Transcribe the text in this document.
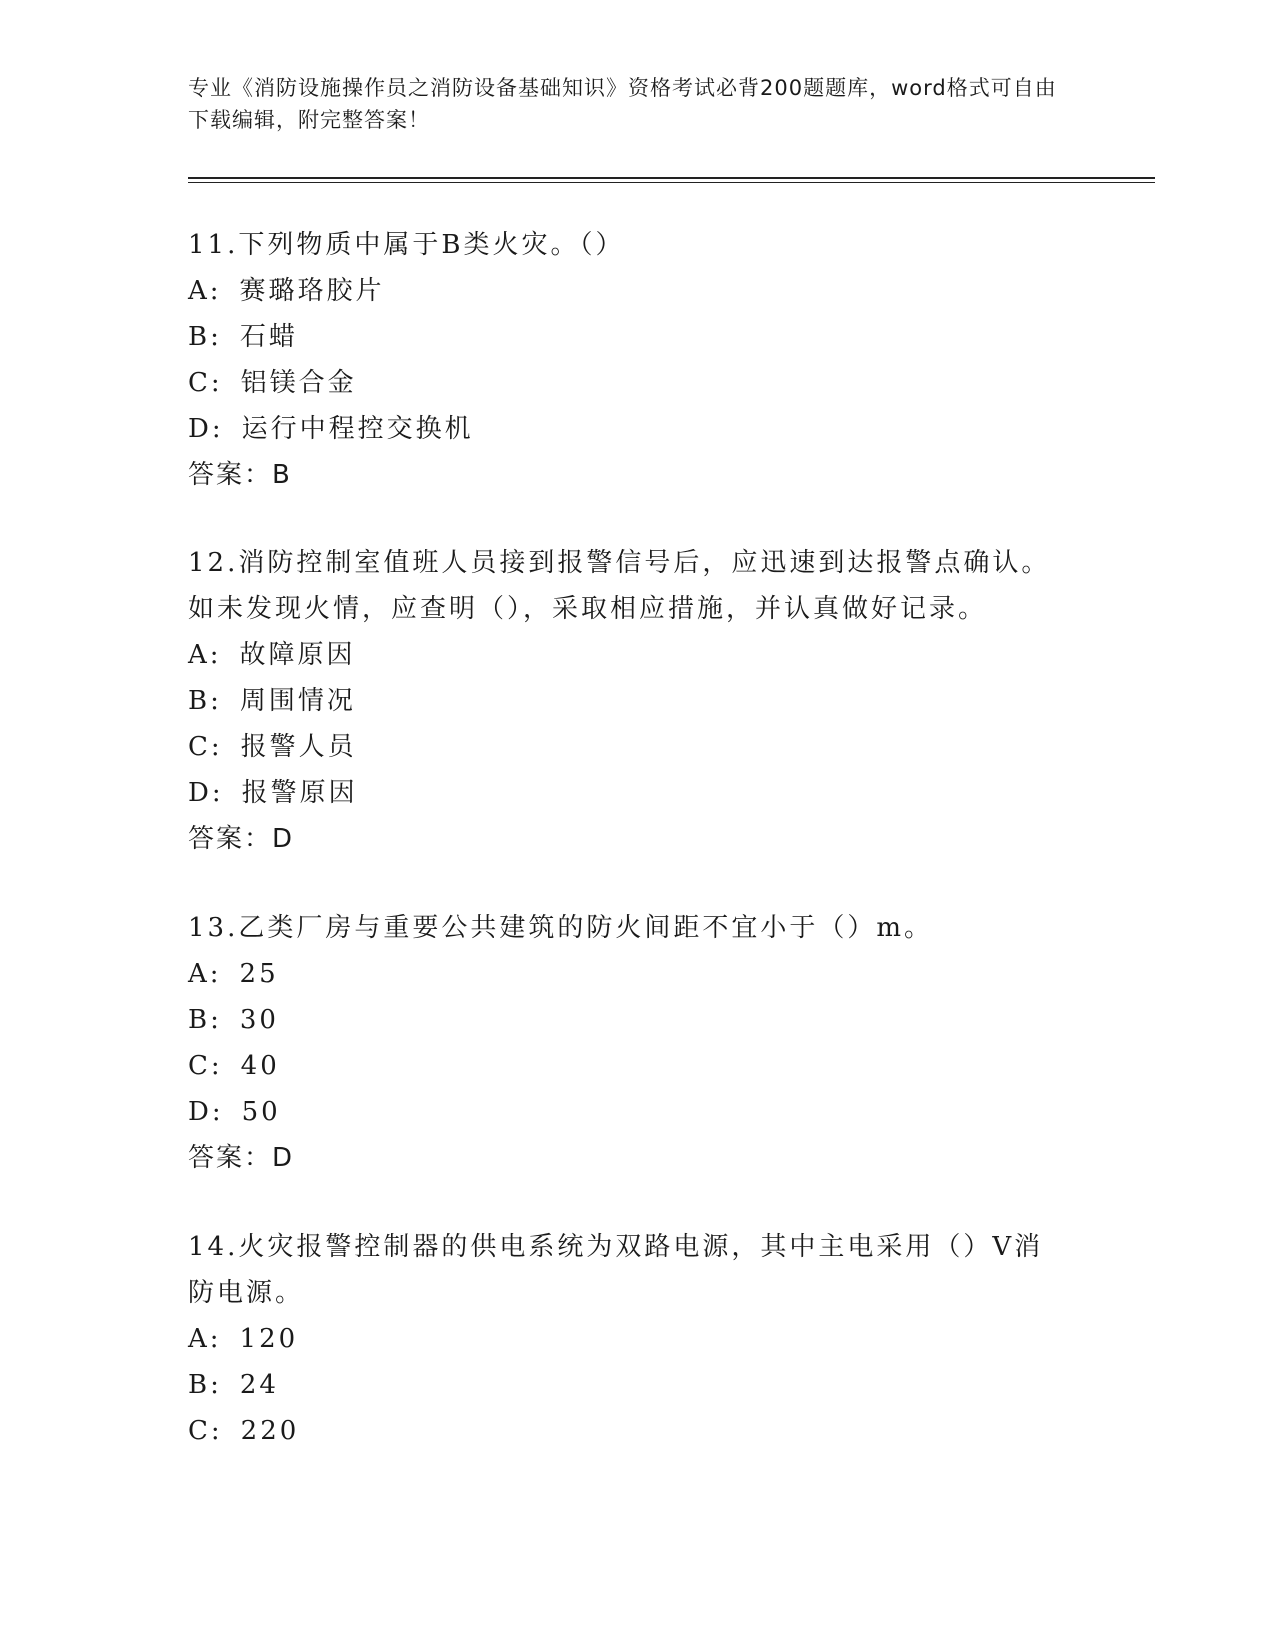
专业《消防设施操作员之消防设备基础知识》资格考试必背200题题库，word格式可自由下载编辑，附完整答案！

11.下列物质中属于B类火灾。（）

A: 赛璐珞胶片

B: 石蜡

C: 铝镁合金

D: 运行中程控交换机

答案：B

12.消防控制室值班人员接到报警信号后，应迅速到达报警点确认。如未发现火情，应查明（），采取相应措施，并认真做好记录。

A: 故障原因

B: 周围情况

C: 报警人员

D: 报警原因

答案：D

13.乙类厂房与重要公共建筑的防火间距不宜小于（）m。

A: 25

B: 30

C: 40

D: 50

答案：D

14.火灾报警控制器的供电系统为双路电源，其中主电采用（）V消防电源。

A: 120

B: 24

C: 220
